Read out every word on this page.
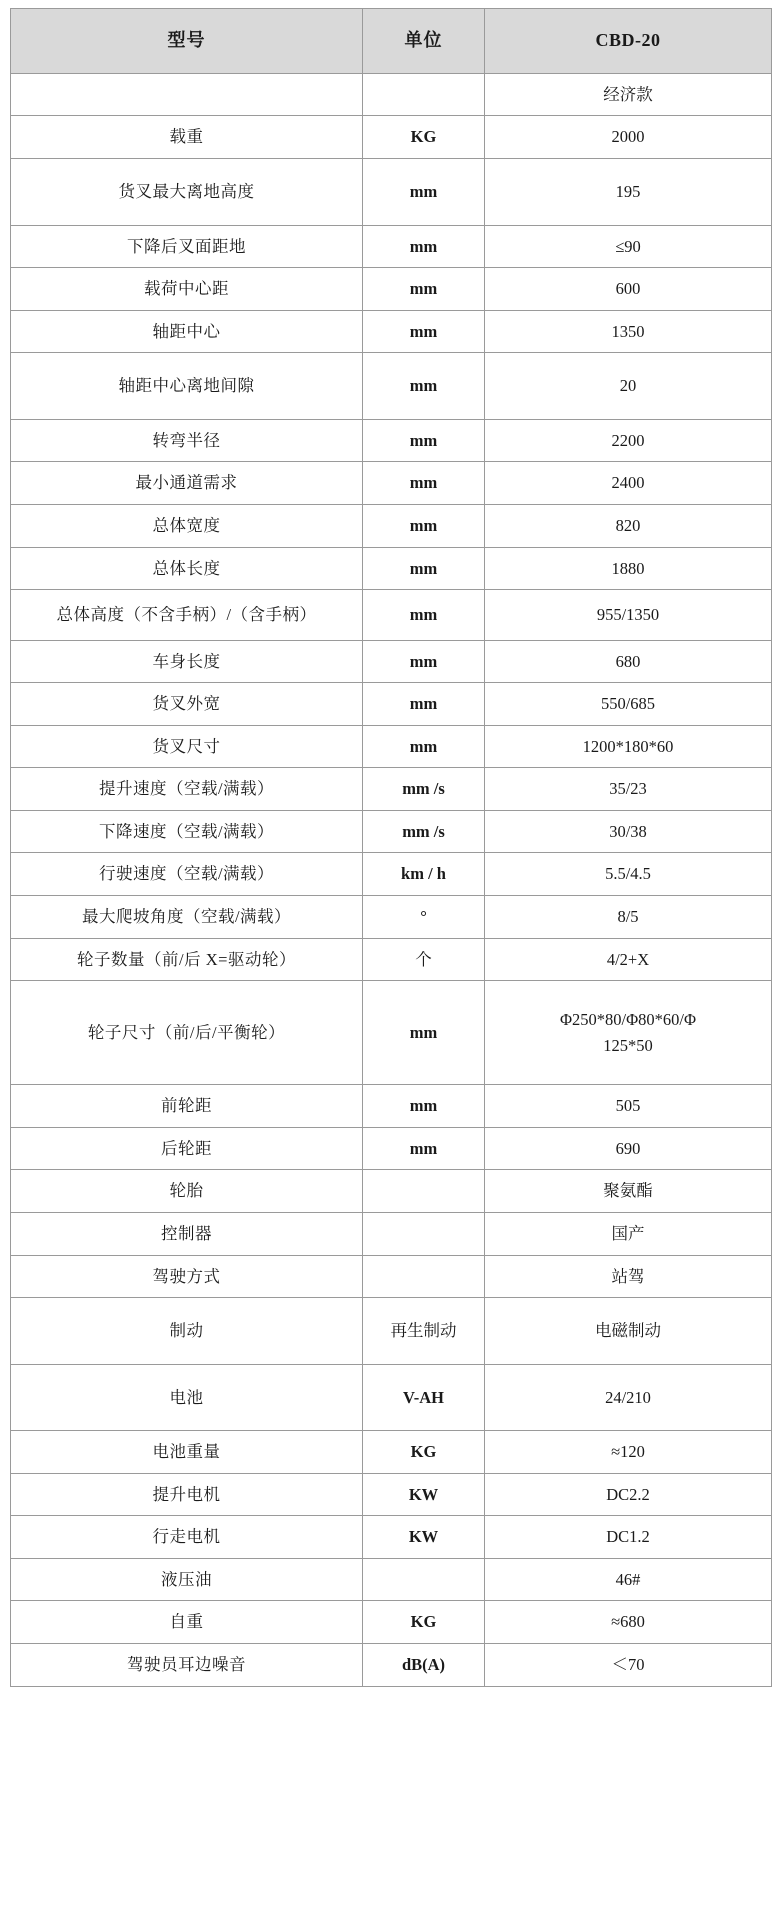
型号	单位	CBD-20
		经济款
载重	KG	2000
货叉最大离地高度	mm	195
下降后叉面距地	mm	≤90
载荷中心距	mm	600
轴距中心	mm	1350
轴距中心离地间隙	mm	20
转弯半径	mm	2200
最小通道需求	mm	2400
总体宽度	mm	820
总体长度	mm	1880
总体高度（不含手柄）/（含手柄）	mm	955/1350
车身长度	mm	680
货叉外宽	mm	550/685
货叉尺寸	mm	1200*180*60
提升速度（空载/满载）	mm /s	35/23
下降速度（空载/满载）	mm /s	30/38
行驶速度（空载/满载）	km / h	5.5/4.5
最大爬坡角度（空载/满载）	°	8/5
轮子数量（前/后 X=驱动轮）	个	4/2+X
轮子尺寸（前/后/平衡轮）	mm	Φ250*80/Φ80*60/Φ
125*50
前轮距	mm	505
后轮距	mm	690
轮胎		聚氨酯
控制器		国产
驾驶方式		站驾
制动	再生制动	电磁制动
电池	V-AH	24/210
电池重量	KG	≈120
提升电机	KW	DC2.2
行走电机	KW	DC1.2
液压油		46#
自重	KG	≈680
驾驶员耳边噪音	dB(A)	＜70
